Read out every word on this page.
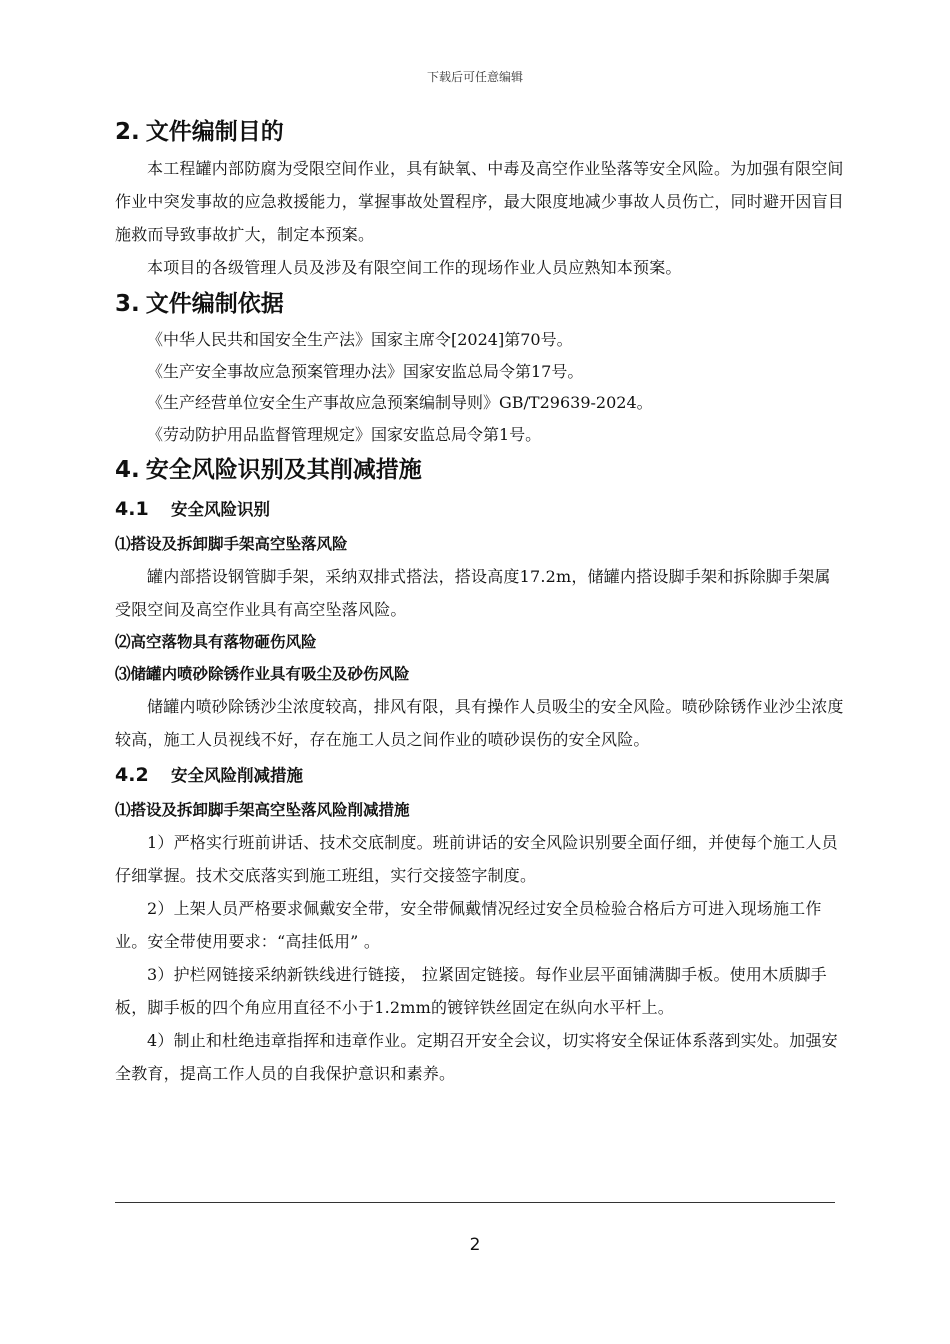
下载后可任意编辑
2. 文件编制目的
本工程罐内部防腐为受限空间作业，具有缺氧、中毒及高空作业坠落等安全风险。为加强有限空间作业中突发事故的应急救援能力，掌握事故处置程序，最大限度地减少事故人员伤亡，同时避开因盲目施救而导致事故扩大，制定本预案。
本项目的各级管理人员及涉及有限空间工作的现场作业人员应熟知本预案。
3. 文件编制依据
《中华人民共和国安全生产法》国家主席令[2024]第70号。
《生产安全事故应急预案管理办法》国家安监总局令第17号。
《生产经营单位安全生产事故应急预案编制导则》GB/T29639-2024。
《劳动防护用品监督管理规定》国家安监总局令第1号。
4. 安全风险识别及其削减措施
4.1 安全风险识别
⑴搭设及拆卸脚手架高空坠落风险
罐内部搭设钢管脚手架，采纳双排式搭法，搭设高度17.2m，储罐内搭设脚手架和拆除脚手架属受限空间及高空作业具有高空坠落风险。
⑵高空落物具有落物砸伤风险
⑶储罐内喷砂除锈作业具有吸尘及砂伤风险
储罐内喷砂除锈沙尘浓度较高，排风有限，具有操作人员吸尘的安全风险。喷砂除锈作业沙尘浓度较高，施工人员视线不好，存在施工人员之间作业的喷砂误伤的安全风险。
4.2 安全风险削减措施
⑴搭设及拆卸脚手架高空坠落风险削减措施
1）严格实行班前讲话、技术交底制度。班前讲话的安全风险识别要全面仔细，并使每个施工人员仔细掌握。技术交底落实到施工班组，实行交接签字制度。
2）上架人员严格要求佩戴安全带，安全带佩戴情况经过安全员检验合格后方可进入现场施工作业。安全带使用要求：“高挂低用” 。
3）护栏网链接采纳新铁线进行链接， 拉紧固定链接。每作业层平面铺满脚手板。使用木质脚手板，脚手板的四个角应用直径不小于1.2mm的镀锌铁丝固定在纵向水平杆上。
4）制止和杜绝违章指挥和违章作业。定期召开安全会议，切实将安全保证体系落到实处。加强安全教育，提高工作人员的自我保护意识和素养。
2
